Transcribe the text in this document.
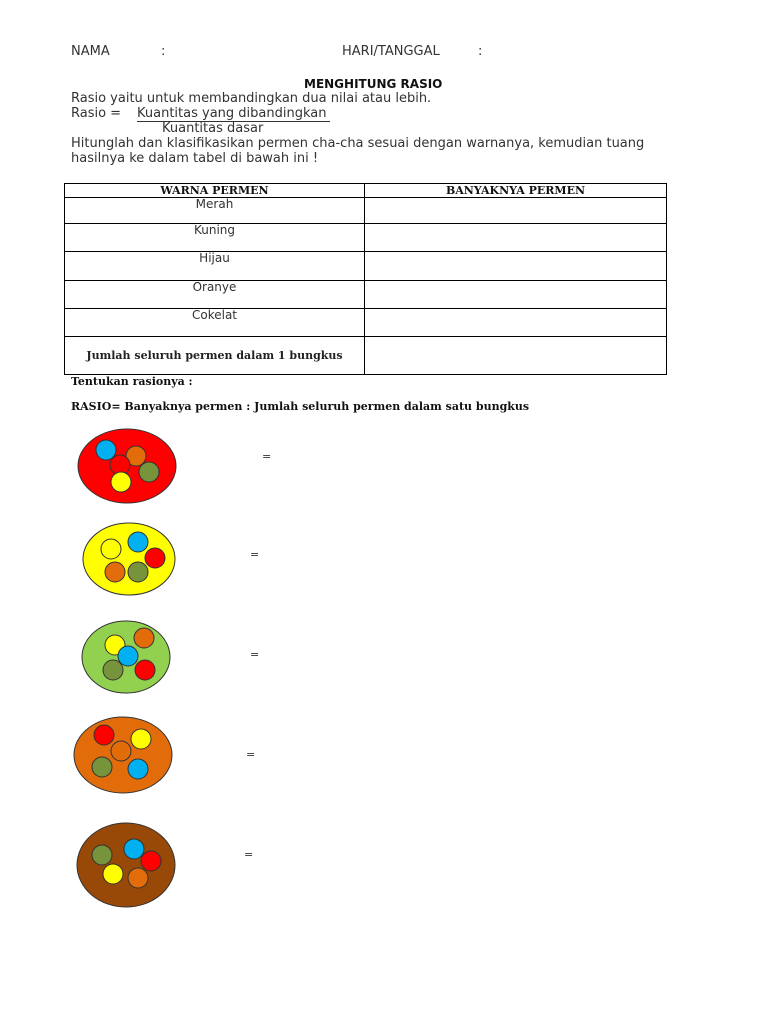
NAMA	:	HARI/TANGGAL	:
MENGHITUNG RASIO
Rasio yaitu untuk membandingkan dua nilai atau lebih.
Rasio = Kuantitas yang dibandingkan
Kuantitas dasar
Hitunglah dan klasifikasikan permen cha-cha sesuai dengan warnanya, kemudian tuang
hasilnya ke dalam tabel di bawah ini !
WARNA PERMEN	BANYAKNYA PERMEN
Merah	
Kuning	
Hijau	
Oranye	
Cokelat	
Jumlah seluruh permen dalam 1 bungkus	
Tentukan rasionya :
RASIO= Banyaknya permen : Jumlah seluruh permen dalam satu bungkus
=
=
=
=
=
